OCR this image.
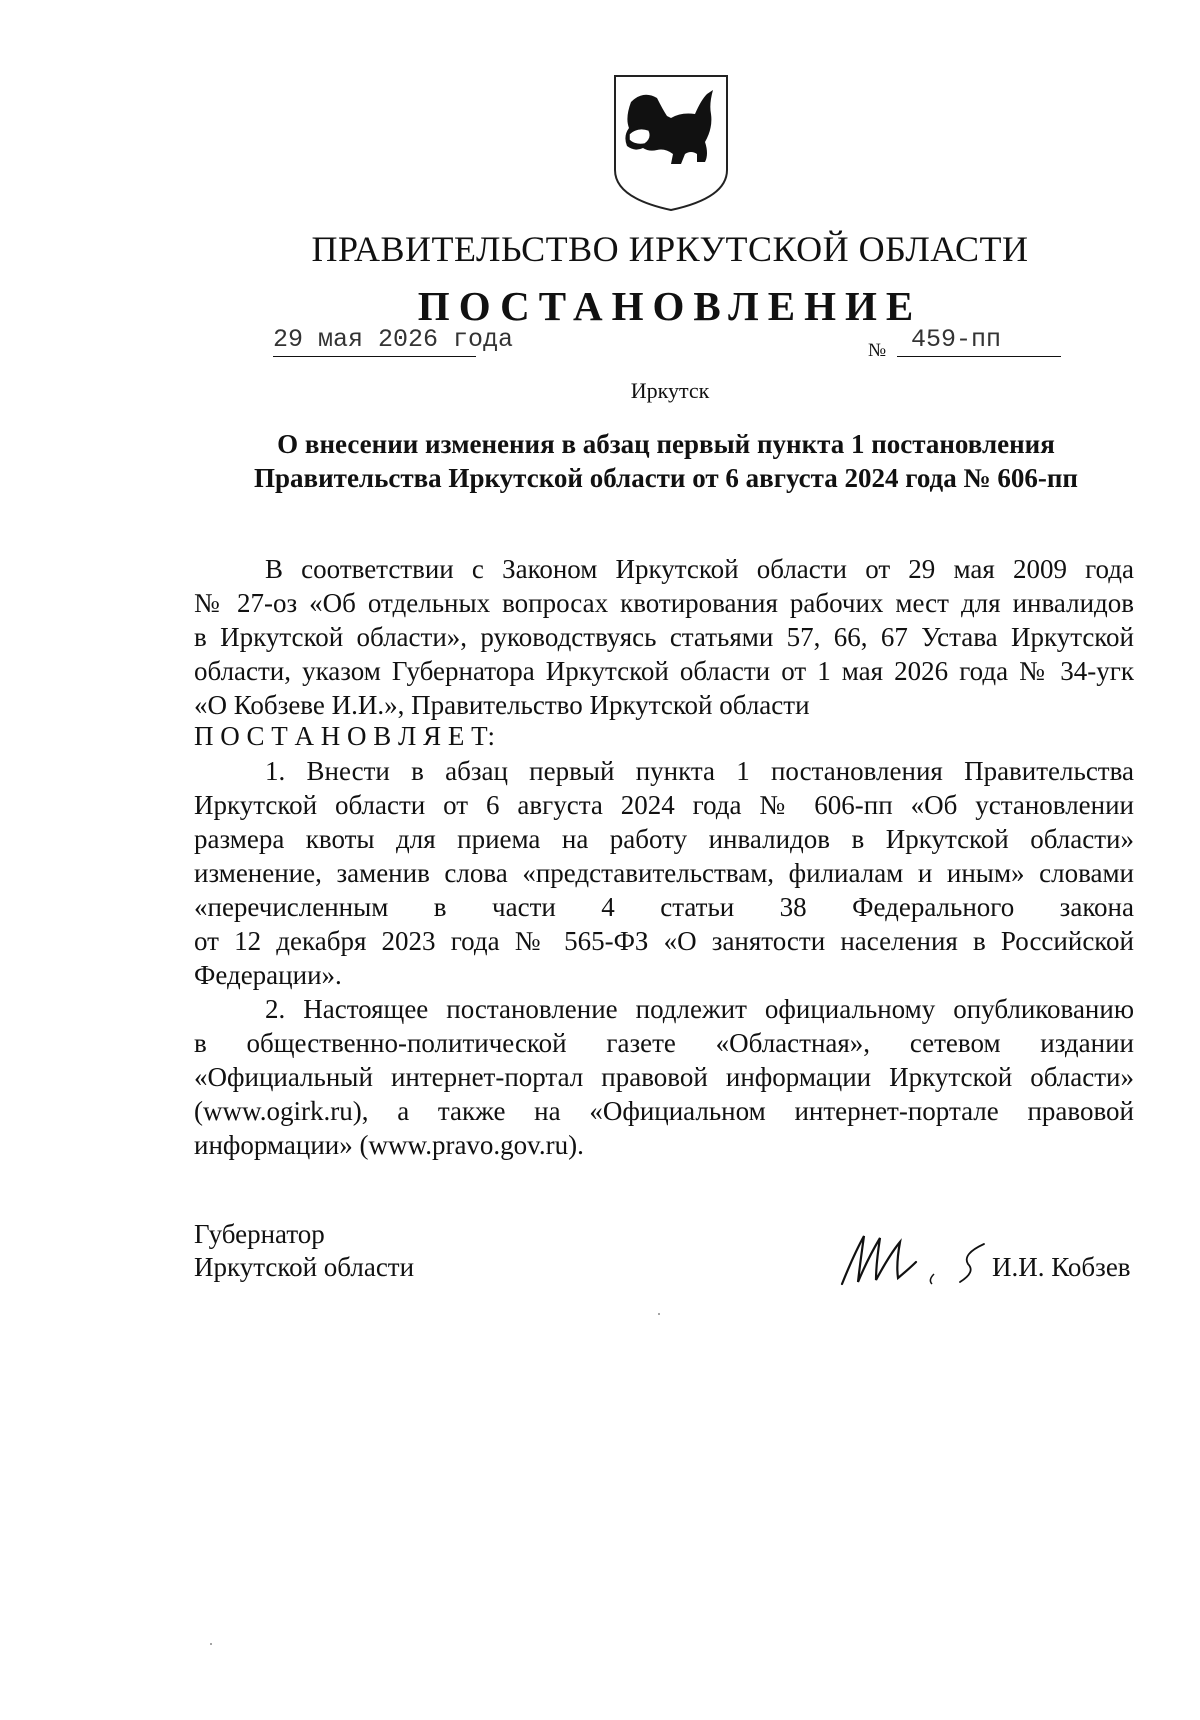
ПРАВИТЕЛЬСТВО ИРКУТСКОЙ ОБЛАСТИ
ПОСТАНОВЛЕНИЕ
29 мая 2026 года	№ 459-пп
Иркутск
О внесении изменения в абзац первый пункта 1 постановления Правительства Иркутской области от 6 августа 2024 года № 606-пп
В соответствии с Законом Иркутской области от 29 мая 2009 года
№ 27-оз «Об отдельных вопросах квотирования рабочих мест для инвалидов
в Иркутской области», руководствуясь статьями 57, 66, 67 Устава Иркутской
области, указом Губернатора Иркутской области от 1 мая 2026 года № 34-угк
«О Кобзеве И.И.», Правительство Иркутской области
П О С Т А Н О В Л Я Е Т:
1. Внести в абзац первый пункта 1 постановления Правительства
Иркутской области от 6 августа 2024 года № 606-пп «Об установлении
размера квоты для приема на работу инвалидов в Иркутской области»
изменение, заменив слова «представительствам, филиалам и иным» словами
«перечисленным в части 4 статьи 38 Федерального закона
от 12 декабря 2023 года № 565-ФЗ «О занятости населения в Российской
Федерации».
2. Настоящее постановление подлежит официальному опубликованию
в общественно-политической газете «Областная», сетевом издании
«Официальный интернет-портал правовой информации Иркутской области»
(www.ogirk.ru), а также на «Официальном интернет-портале правовой
информации» (www.pravo.gov.ru).
Губернатор
Иркутской области	И.И. Кобзев
